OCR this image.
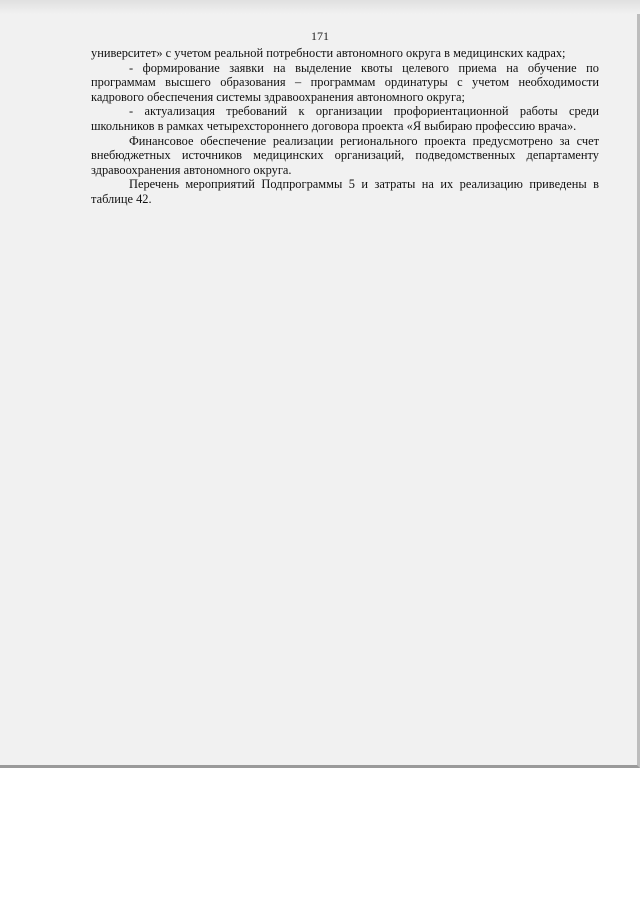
171

университет» с учетом реальной потребности автономного округа в медицинских кадрах;

- формирование заявки на выделение квоты целевого приема на обучение по программам высшего образования – программам ординатуры с учетом необходимости кадрового обеспечения системы здравоохранения автономного округа;

- актуализация требований к организации профориентационной работы среди школьников в рамках четырехстороннего договора проекта «Я выбираю профессию врача».

Финансовое обеспечение реализации регионального проекта предусмотрено за счет внебюджетных источников медицинских организаций, подведомственных департаменту здравоохранения автономного округа.

Перечень мероприятий Подпрограммы 5 и затраты на их реализацию приведены в таблице 42.
